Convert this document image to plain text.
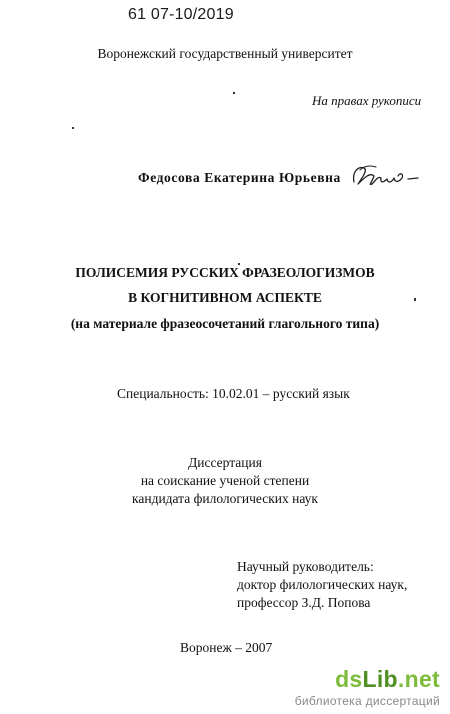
61 07-10/2019
Воронежский государственный университет
На правах рукописи
Федосова Екатерина Юрьевна
ПОЛИСЕМИЯ РУССКИХ ФРАЗЕОЛОГИЗМОВ
В КОГНИТИВНОМ АСПЕКТЕ
(на материале фразеосочетаний глагольного типа)
Специальность: 10.02.01 – русский язык
Диссертация
на соискание ученой степени
кандидата филологических наук
Научный руководитель:
доктор филологических наук,
профессор З.Д. Попова
Воронеж – 2007
dsLib.net
библиотека диссертаций
